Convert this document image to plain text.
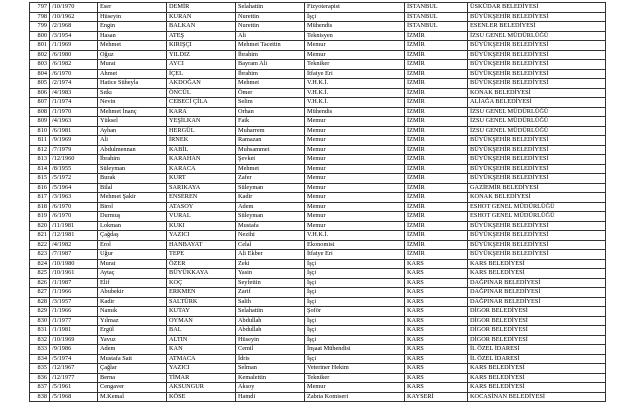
797	/10/1970	Eser	DEMİR	Selahattin	Fizyoterapist	İSTANBUL	ÜSKÜDAR BELEDİYESİ
798	/10/1962	Hüseyin	KURAN	Nurettin	İşçi	İSTANBUL	BÜYÜKŞEHİR BELEDİYESİ
799	/2/1968	Engin	BALKAN	Nurettin	Mühendis	İSTANBUL	ESENLER BELEDİYESİ
800	/3/1954	Hasan	ATEŞ	Ali	Teknisyen	İZMİR	İZSU GENEL MÜDÜRLÜĞÜ
801	/1/1969	Mehmet	KIRIŞÇI	Mehmet Tacettin	Memur	İZMİR	BÜYÜKŞEHİR BELEDİYESİ
802	/6/1980	Oğuz	YILDIZ	İbrahim	Memur	İZMİR	BÜYÜKŞEHİR BELEDİYESİ
803	/6/1982	Murat	AYCI	Bayram Ali	Tekniker	İZMİR	BÜYÜKŞEHİR BELEDİYESİ
804	/6/1970	Ahmet	İÇEL	İbrahim	İtfaiye Eri	İZMİR	BÜYÜKŞEHİR BELEDİYESİ
805	/2/1974	Hatice Süheyla	AKDOĞAN	Mehmet	V.H.K.İ.	İZMİR	BÜYÜKŞEHİR BELEDİYESİ
806	/4/1983	Sıtkı	ÖNCÜL	Ömer	V.H.K.İ.	İZMİR	KONAK BELEDİYESİ
807	/1/1974	Nevin	CEBECİ ÇİLA	Selim	V.H.K.İ.	İZMİR	ALİAĞA BELEDİYESİ
808	/1/1970	Mehmet İnanç	KARA	Orhan	Mühendis	İZMİR	İZSU GENEL MÜDÜRLÜĞÜ
809	/4/1963	Yüksel	YEŞİLKAN	Faik	Memur	İZMİR	İZSU GENEL MÜDÜRLÜĞÜ
810	/6/1981	Ayhan	HERGÜL	Muharrem	Memur	İZMİR	İZSU GENEL MÜDÜRLÜĞÜ
811	/9/1969	Ali	İRNEK	Ramazan	Memur	İZMİR	BÜYÜKŞEHİR BELEDİYESİ
812	/7/1979	Abdulmennan	KABİL	Muhsammet	Memur	İZMİR	BÜYÜKŞEHİR BELEDİYESİ
813	/12/1960	İbrahim	KARAHAN	Şevket	Memur	İZMİR	BÜYÜKŞEHİR BELEDİYESİ
814	/8/1955	Süleyman	KARACA	Mehmet	Memur	İZMİR	BÜYÜKŞEHİR BELEDİYESİ
815	/5/1972	Burak	KURT	Zafer	Memur	İZMİR	BÜYÜKŞEHİR BELEDİYESİ
816	/5/1964	Bilal	SARIKAYA	Süleyman	Memur	İZMİR	GAZİEMİR BELEDİYESİ
817	/3/1963	Mehmet Şakir	ENSEREN	Kadir	Memur	İZMİR	KONAK BELEDİYESİ
818	/6/1970	Birol	ATASOY	Adem	Memur	İZMİR	ESHOT GENEL MÜDÜRLÜĞÜ
819	/6/1970	Durmuş	VURAL	Süleyman	Memur	İZMİR	ESHOT GENEL MÜDÜRLÜĞÜ
820	/11/1981	Lokman	KUKI	Mustafa	Memur	İZMİR	BÜYÜKŞEHİR BELEDİYESİ
821	/12/1981	Çağdaş	YAZICI	Nezihi	V.H.K.İ.	İZMİR	BÜYÜKŞEHİR BELEDİYESİ
822	/4/1982	Erol	HANBAYAT	Celal	Ekonomist	İZMİR	BÜYÜKŞEHİR BELEDİYESİ
823	/7/1987	Uğur	TEPE	Ali Ekber	İtfaiye Eri	İZMİR	BÜYÜKŞEHİR BELEDİYESİ
824	/10/1980	Murat	ÖZER	Zeki	İşçi	KARS	KARS BELEDİYESİ
825	/10/1961	Aytaç	BÜYÜKKAYA	Yasin	İşçi	KARS	KARS BELEDİYESİ
826	/1/1987	Elif	KOÇ	Seyfettin	İşçi	KARS	DAĞPINAR BELEDİYESİ
827	/1/1966	Abubekir	ERKMEN	Zarif	İşçi	KARS	DAĞPINAR BELEDİYESİ
828	/3/1957	Kadir	SALTÜRK	Salih	İşçi	KARS	DAĞPINAR BELEDİYESİ
829	/1/1966	Namık	KUTAY	Selahattin	Şoför	KARS	DİGOR BELEDİYESİ
830	/1/1977	Yılmaz	OYMAN	Abdullah	İşçi	KARS	DİGOR BELEDİYESİ
831	/1/1981	Ergül	BAL	Abdullah	İşçi	KARS	DİGOR BELEDİYESİ
832	/10/1969	Yavuz	ALTIN	Hüseyin	İşçi	KARS	DİGOR BELEDİYESİ
833	/9/1986	Adem	KAN	Cemil	İnşaat Mühendisi	KARS	İL ÖZEL İDARESİ
834	/5/1974	Mustafa Sait	ATMACA	İdris	İşçi	KARS	İL ÖZEL İDARESİ
835	/12/1967	Çağlar	YAZICI	Selman	Veteriner Hekim	KARS	KARS BELEDİYESİ
836	/12/1977	Berna	TİMAR	Kemalettin	Tekniker	KARS	KARS BELEDİYESİ
837	/5/1961	Cengaver	AKSUNGUR	Aksoy	Memur	KARS	KARS BELEDİYESİ
838	/5/1968	M.Kemal	KÖSE	Hamdi	Zabıta Komiseri	KAYSERİ	KOCASİNAN BELEDİYESİ
